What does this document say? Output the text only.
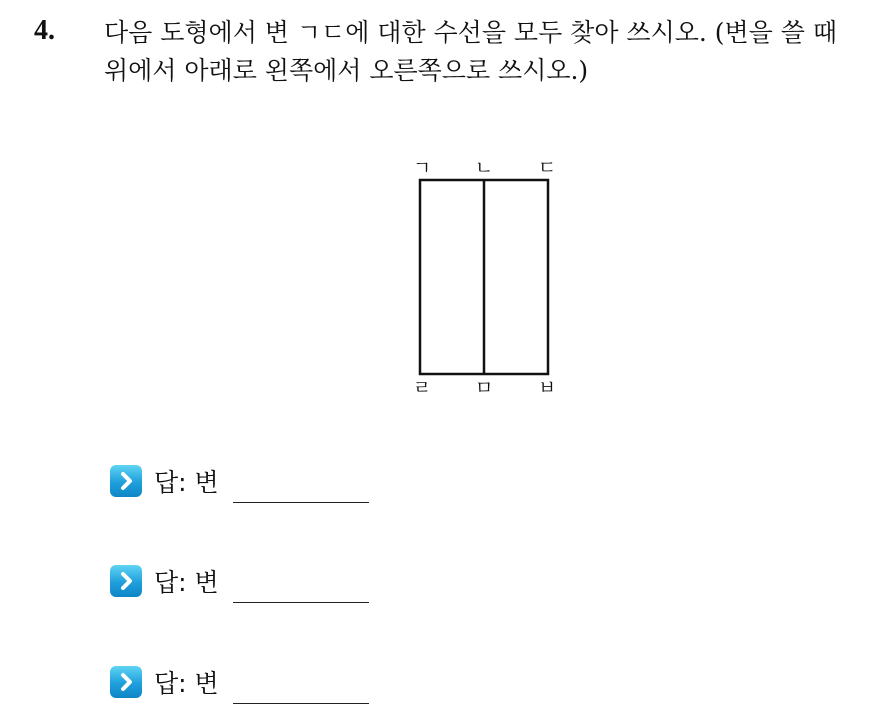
4. 다음 도형에서 변 ㄱㄷ에 대한 수선을 모두 찾아 쓰시오. (변을 쓸 때
위에서 아래로 왼쪽에서 오른쪽으로 쓰시오.)
ㄱ ㄴ ㄷ
ㄹ ㅁ ㅂ
답: 변
답: 변
답: 변
